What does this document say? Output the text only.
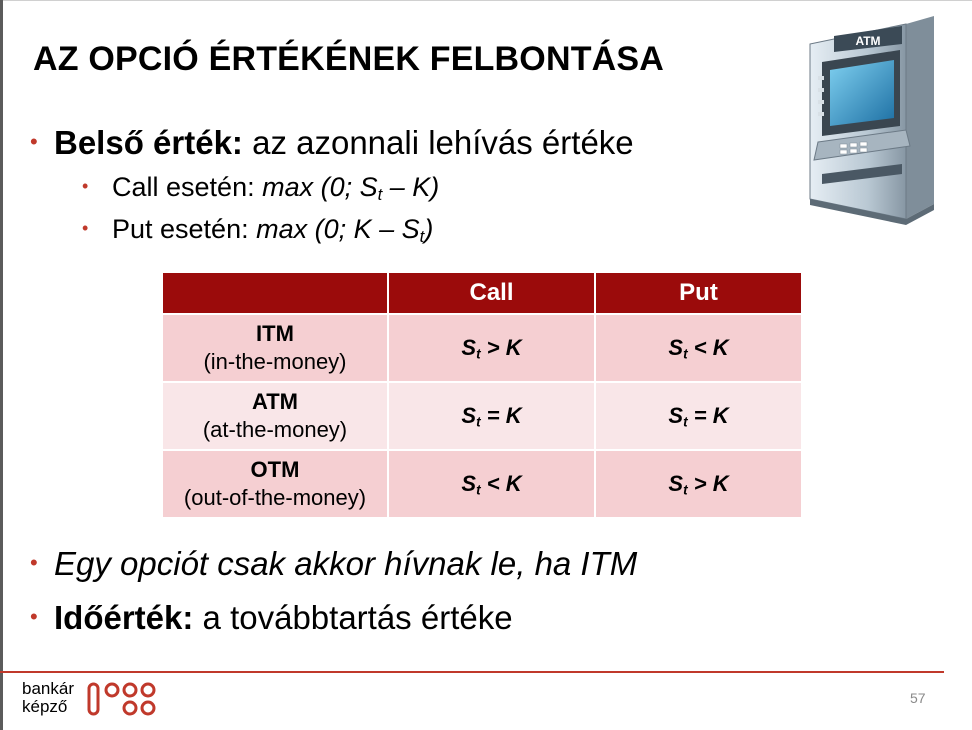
AZ OPCIÓ ÉRTÉKÉNEK FELBONTÁSA	ATM
• Belső érték: az azonnali lehívás értéke
• Call esetén: max (0; $S_t - K$)
• Put esetén: max (0; K – $S_t$)
	Call	Put
ITM
(in-the-money)	$S_t > K$	$S_t < K$
ATM
(at-the-money)	$S_t = K$	$S_t = K$
OTM
(out-of-the-money)	$S_t < K$	$S_t > K$
• Egy opciót csak akkor hívnak le, ha ITM
• Időérték: a továbbtartás értéke
bankár
képző	57
